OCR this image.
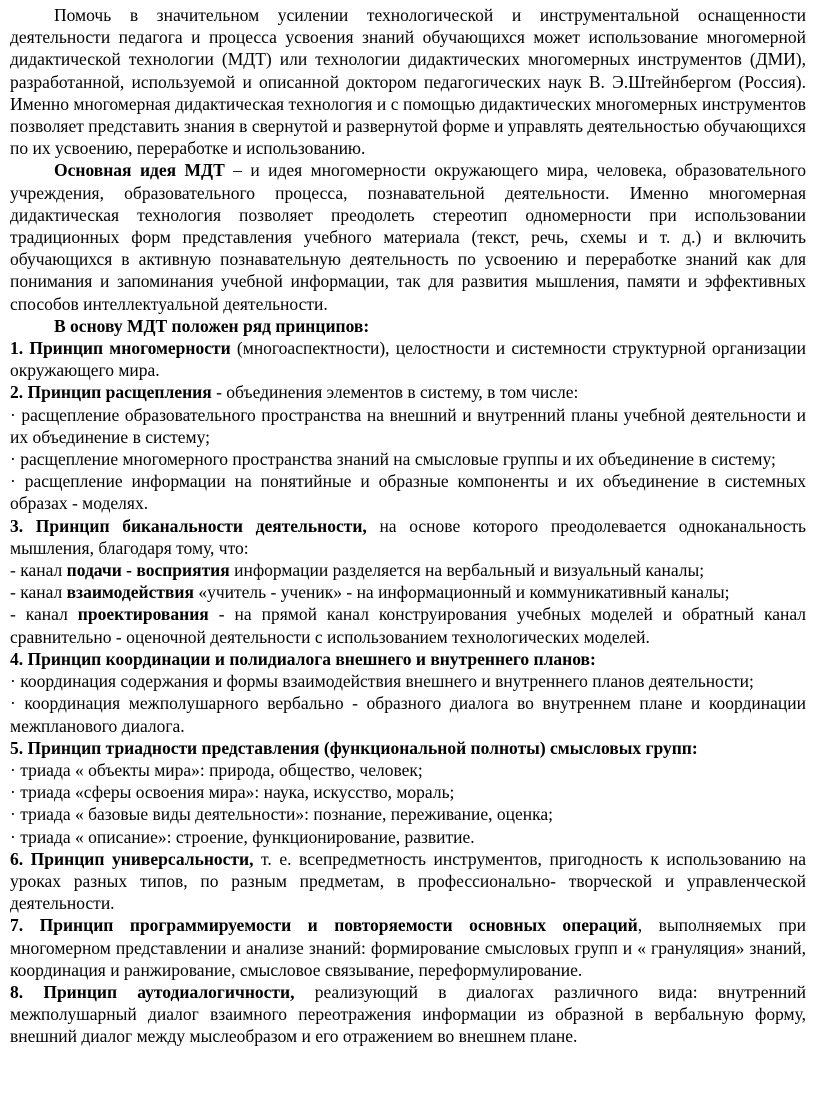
Помочь в значительном усилении технологической и инструментальной оснащенности деятельности педагога и процесса усвоения знаний обучающихся может использование многомерной дидактической технологии (МДТ) или технологии дидактических многомерных инструментов (ДМИ), разработанной, используемой и описанной доктором педагогических наук В. Э.Штейнбергом (Россия). Именно многомерная дидактическая технология и с помощью дидактических многомерных инструментов позволяет представить знания в свернутой и развернутой форме и управлять деятельностью обучающихся по их усвоению, переработке и использованию.

Основная идея МДТ – и идея многомерности окружающего мира, человека, образовательного учреждения, образовательного процесса, познавательной деятельности. Именно многомерная дидактическая технология позволяет преодолеть стереотип одномерности при использовании традиционных форм представления учебного материала (текст, речь, схемы и т. д.) и включить обучающихся в активную познавательную деятельность по усвоению и переработке знаний как для понимания и запоминания учебной информации, так для развития мышления, памяти и эффективных способов интеллектуальной деятельности.

В основу МДТ положен ряд принципов:

1. Принцип многомерности (многоаспектности), целостности и системности структурной организации окружающего мира.

2. Принцип расщепления - объединения элементов в систему, в том числе:

· расщепление образовательного пространства на внешний и внутренний планы учебной деятельности и их объединение в систему;

· расщепление многомерного пространства знаний на смысловые группы и их объединение в систему;

· расщепление информации на понятийные и образные компоненты и их объединение в системных образах - моделях.

3. Принцип биканальности деятельности, на основе которого преодолевается одноканальность мышления, благодаря тому, что:

- канал подачи - восприятия информации разделяется на вербальный и визуальный каналы;

- канал взаимодействия «учитель - ученик» - на информационный и коммуникативный каналы;

- канал проектирования - на прямой канал конструирования учебных моделей и обратный канал сравнительно - оценочной деятельности с использованием технологических моделей.

4. Принцип координации и полидиалога внешнего и внутреннего планов:

· координация содержания и формы взаимодействия внешнего и внутреннего планов деятельности;

· координация межполушарного вербально - образного диалога во внутреннем плане и координации межпланового диалога.

5. Принцип триадности представления (функциональной полноты) смысловых групп:

· триада « объекты мира»: природа, общество, человек;

· триада «сферы освоения мира»: наука, искусство, мораль;

· триада « базовые виды деятельности»: познание, переживание, оценка;

· триада « описание»: строение, функционирование, развитие.

6. Принцип универсальности, т. е. всепредметность инструментов, пригодность к использованию на уроках разных типов, по разным предметам, в профессионально- творческой и управленческой деятельности.

7. Принцип программируемости и повторяемости основных операций, выполняемых при многомерном представлении и анализе знаний: формирование смысловых групп и « грануляция» знаний, координация и ранжирование, смысловое связывание, переформулирование.

8. Принцип аутодиалогичности, реализующий в диалогах различного вида: внутренний межполушарный диалог взаимного переотражения информации из образной в вербальную форму, внешний диалог между мыслеобразом и его отражением во внешнем плане.
